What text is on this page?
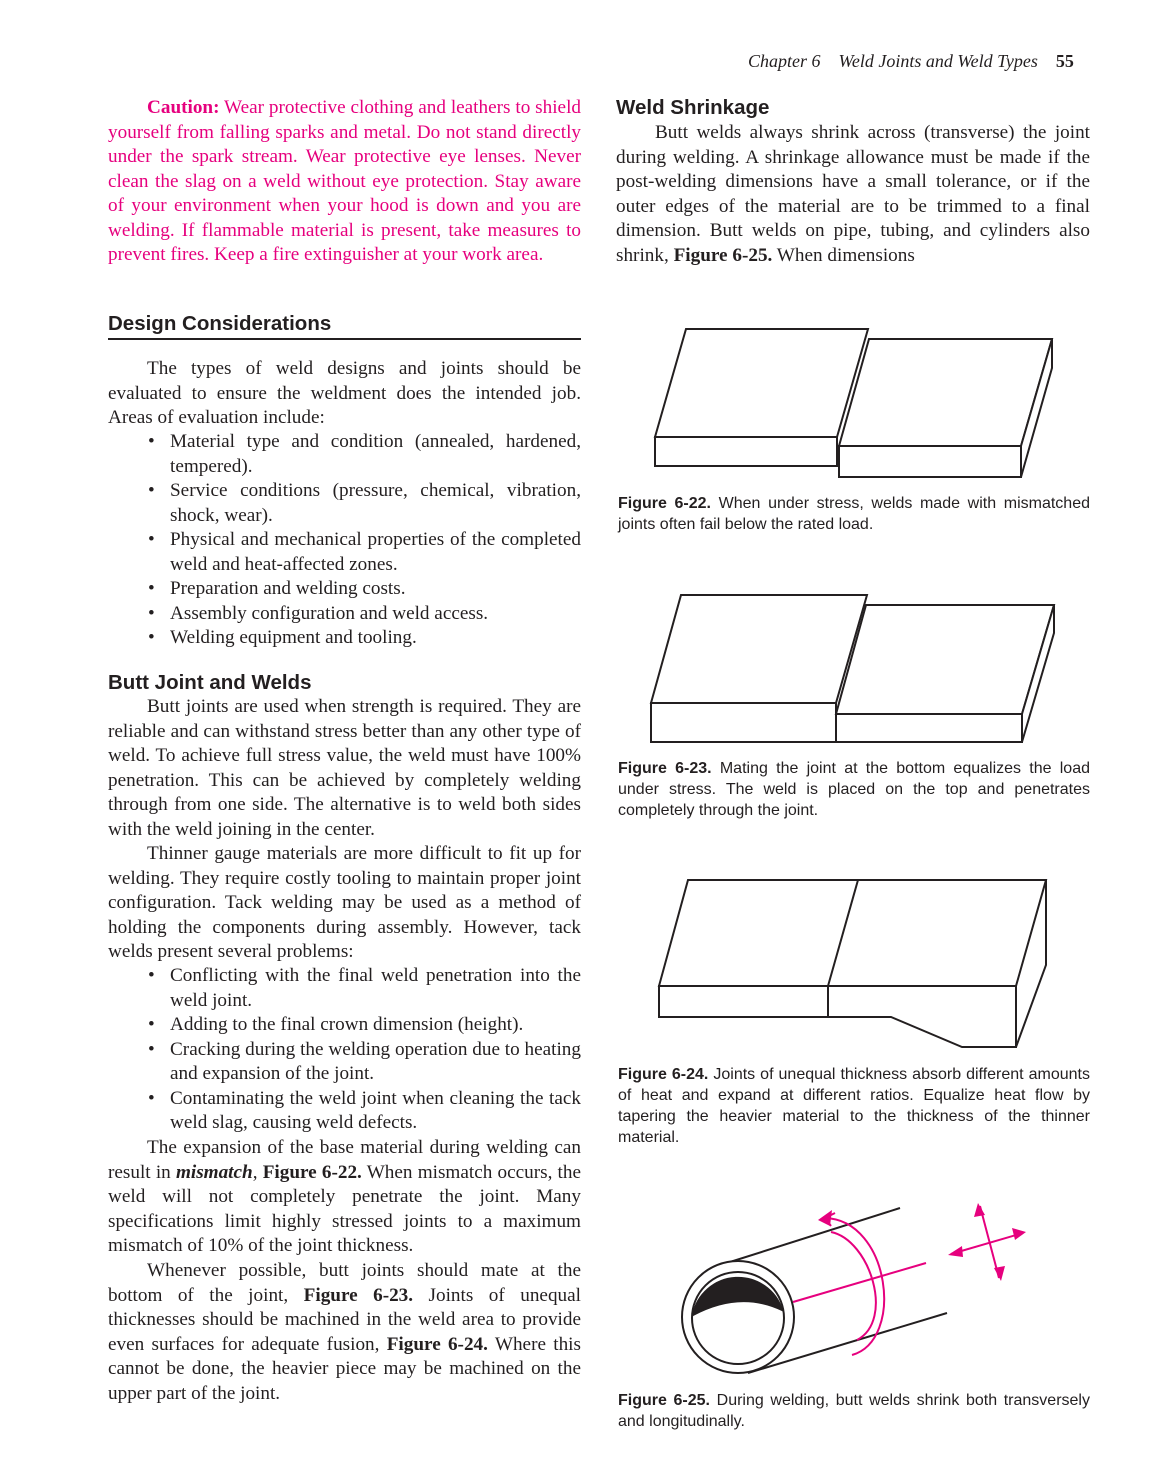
Chapter 6 Weld Joints and Weld Types 55
Caution: Wear protective clothing and leathers to shield yourself from falling sparks and metal. Do not stand directly under the spark stream. Wear protective eye lenses. Never clean the slag on a weld without eye protection. Stay aware of your environment when your hood is down and you are welding. If flammable material is present, take measures to prevent fires. Keep a fire extinguisher at your work area.
Design Considerations
The types of weld designs and joints should be evaluated to ensure the weldment does the intended job. Areas of evaluation include:
• Material type and condition (annealed, hardened, tempered).
• Service conditions (pressure, chemical, vibration, shock, wear).
• Physical and mechanical properties of the completed weld and heat-affected zones.
• Preparation and welding costs.
• Assembly configuration and weld access.
• Welding equipment and tooling.
Butt Joint and Welds
Butt joints are used when strength is required. They are reliable and can withstand stress better than any other type of weld. To achieve full stress value, the weld must have 100% penetration. This can be achieved by completely welding through from one side. The alternative is to weld both sides with the weld joining in the center.
Thinner gauge materials are more difficult to fit up for welding. They require costly tooling to maintain proper joint configuration. Tack welding may be used as a method of holding the components during assembly. However, tack welds present several problems:
• Conflicting with the final weld penetration into the weld joint.
• Adding to the final crown dimension (height).
• Cracking during the welding operation due to heating and expansion of the joint.
• Contaminating the weld joint when cleaning the tack weld slag, causing weld defects.
The expansion of the base material during welding can result in mismatch, Figure 6-22. When mismatch occurs, the weld will not completely penetrate the joint. Many specifications limit highly stressed joints to a maximum mismatch of 10% of the joint thickness.
Whenever possible, butt joints should mate at the bottom of the joint, Figure 6-23. Joints of unequal thicknesses should be machined in the weld area to provide even surfaces for adequate fusion, Figure 6-24. Where this cannot be done, the heavier piece may be machined on the upper part of the joint.
Weld Shrinkage
Butt welds always shrink across (transverse) the joint during welding. A shrinkage allowance must be made if the post-welding dimensions have a small tolerance, or if the outer edges of the material are to be trimmed to a final dimension. Butt welds on pipe, tubing, and cylinders also shrink, Figure 6-25. When dimensions
Figure 6-22. When under stress, welds made with mismatched joints often fail below the rated load.
Figure 6-23. Mating the joint at the bottom equalizes the load under stress. The weld is placed on the top and penetrates completely through the joint.
Figure 6-24. Joints of unequal thickness absorb different amounts of heat and expand at different ratios. Equalize heat flow by tapering the heavier material to the thickness of the thinner material.
Figure 6-25. During welding, butt welds shrink both transversely and longitudinally.
